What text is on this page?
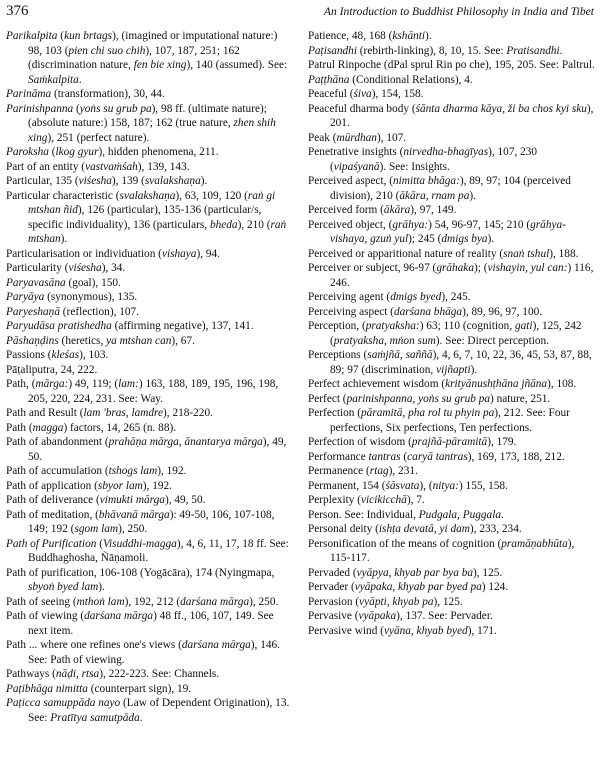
376	An Introduction to Buddhist Philosophy in India and Tibet

Parikalpita (kun brtags), (imagined or imputational nature:) 98, 103 (pien chi suo chih), 107, 187, 251; 162 (discrimination nature, fen bie xing), 140 (assumed). See: Saṁkalpita.

Parināma (transformation), 30, 44.

Parinishpanna (yoṅs su grub pa), 98 ff. (ultimate nature); (absolute nature:) 158, 187; 162 (true nature, zhen shih xing), 251 (perfect nature).

Paroksha (lkog gyur), hidden phenomena, 211.

Part of an entity (vastvaṁśah), 139, 143.

Particular, 135 (viśesha), 139 (svalakshaṇa).

Particular characteristic (svalakshaṇa), 63, 109, 120 (raṅ gi mtshan ñid), 126 (particular), 135-136 (particular/s, specific individuality), 136 (particulars, bheda), 210 (raṅ mtshan).

Particularisation or individuation (vishaya), 94.

Particularity (viśesha), 34.

Paryavasāna (goal), 150.

Paryāya (synonymous), 135.

Paryeshaṇā (reflection), 107.

Paryudāsa pratishedha (affirming negative), 137, 141.

Pāshaṇḍins (heretics, ya mtshan can), 67.

Passions (kleśas), 103.

Pāṭaliputra, 24, 222.

Path, (mārga:) 49, 119; (lam:) 163, 188, 189, 195, 196, 198, 205, 220, 224, 231. See: Way.

Path and Result (lam 'bras, lamdre), 218-220.

Path (magga) factors, 14, 265 (n. 88).

Path of abandonment (prahāṇa mārga, ānantarya mārga), 49, 50.

Path of accumulation (tshogs lam), 192.

Path of application (sbyor lam), 192.

Path of deliverance (vimukti mārga), 49, 50.

Path of meditation, (bhāvanā mārga): 49-50, 106, 107-108, 149; 192 (sgom lam), 250.

Path of Purification (Visuddhi-magga), 4, 6, 11, 17, 18 ff. See: Buddhaghosha, Ñāṇamoli.

Path of purification, 106-108 (Yogācāra), 174 (Nyingmapa, sbyoṅ byed lam).

Path of seeing (mthoṅ lam), 192, 212 (darśana mārga), 250.

Path of viewing (darśana mārga) 48 ff., 106, 107, 149. See next item.

Path ... where one refines one's views (darśana mārga), 146. See: Path of viewing.

Pathways (nāḍi, rtsa), 222-223. See: Channels.

Paṭibhāga nimitta (counterpart sign), 19.

Paṭicca samuppāda nayo (Law of Dependent Origination), 13. See: Pratītya samutpāda.

Patience, 48, 168 (kshānti).

Paṭisandhi (rebirth-linking), 8, 10, 15. See: Pratisandhi.

Patrul Rinpoche (dPal sprul Rin po che), 195, 205. See: Paltrul.

Paṭṭhāna (Conditional Relations), 4.

Peaceful (śiva), 154, 158.

Peaceful dharma body (śānta dharma kāya, ži ba chos kyi sku), 201.

Peak (mūrdhan), 107.

Penetrative insights (nirvedha-bhagīyas), 107, 230 (vipaśyanā). See: Insights.

Perceived aspect, (nimitta bhāga:), 89, 97; 104 (perceived division), 210 (ākāra, rnam pa).

Perceived form (ākāra), 97, 149.

Perceived object, (grāhya:) 54, 96-97, 145; 210 (grāhya-vishaya, gzuṅ yul); 245 (dmigs bya).

Perceived or apparitional nature of reality (snaṅ tshul), 188.

Perceiver or subject, 96-97 (grāhaka); (vishayin, yul can:) 116, 246.

Perceiving agent (dmigs byed), 245.

Perceiving aspect (darśana bhāga), 89, 96, 97, 100.

Perception, (pratyaksha:) 63; 110 (cognition, gati), 125, 242 (pratyaksha, mṅon sum). See: Direct perception.

Perceptions (saṁjñā, saññā), 4, 6, 7, 10, 22, 36, 45, 53, 87, 88, 89; 97 (discrimination, vijñapti).

Perfect achievement wisdom (krityānushṭhāna jñāna), 108.

Perfect (parinishpanna, yoṅs su grub pa) nature, 251.

Perfection (pāramitā, pha rol tu phyin pa), 212. See: Four perfections, Six perfections, Ten perfections.

Perfection of wisdom (prajñā-pāramitā), 179.

Performance tantras (caryā tantras), 169, 173, 188, 212.

Permanence (rtag), 231.

Permanent, 154 (śāsvata), (nitya:) 155, 158.

Perplexity (vicikicchā), 7.

Person. See: Individual, Pudgala, Puggala.

Personal deity (ishṭa devatā, yi dam), 233, 234.

Personification of the means of cognition (pramāṇabhūta), 115-117.

Pervaded (vyāpya, khyab par bya ba), 125.

Pervader (vyāpaka, khyab par byed pa) 124.

Pervasion (vyāpti, khyab pa), 125.

Pervasive (vyāpaka), 137. See: Pervader.

Pervasive wind (vyāna, khyab byed), 171.
